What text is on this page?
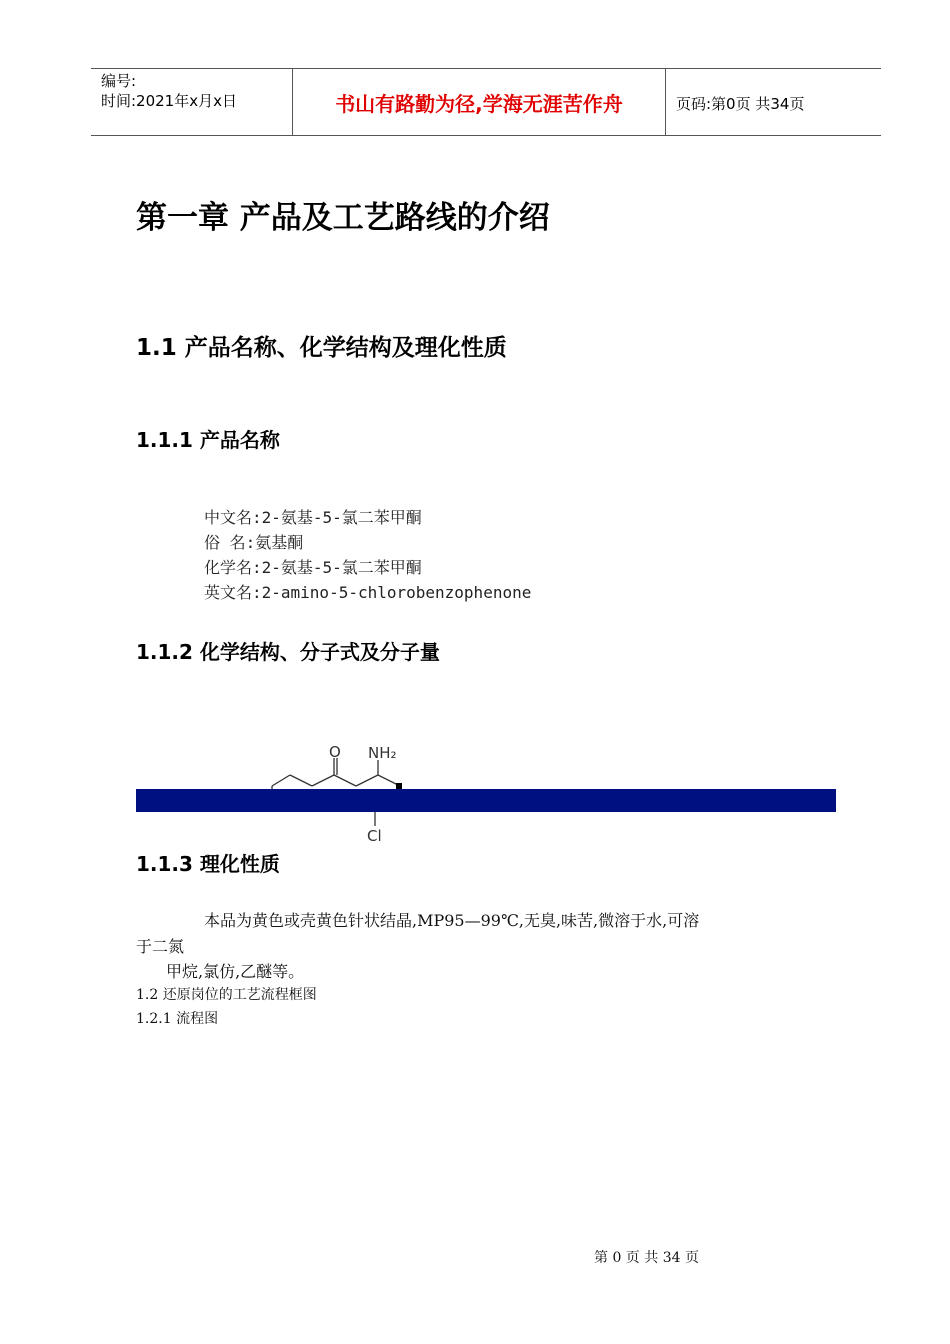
编号:
时间:2021年x月x日	书山有路勤为径,学海无涯苦作舟	页码:第0页 共34页
第一章 产品及工艺路线的介绍
1.1 产品名称、化学结构及理化性质
1.1.1 产品名称
中文名:2-氨基-5-氯二苯甲酮
俗 名:氨基酮
化学名:2-氨基-5-氯二苯甲酮
英文名:2-amino-5-chlorobenzophenone
1.1.2 化学结构、分子式及分子量
O NH₂
Cl
1.1.3 理化性质
本品为黄色或壳黄色针状结晶,MP95—99℃,无臭,味苦,微溶于水,可溶
于二氮
甲烷,氯仿,乙醚等。
1.2 还原岗位的工艺流程框图
1.2.1 流程图
第 0 页 共 34 页
